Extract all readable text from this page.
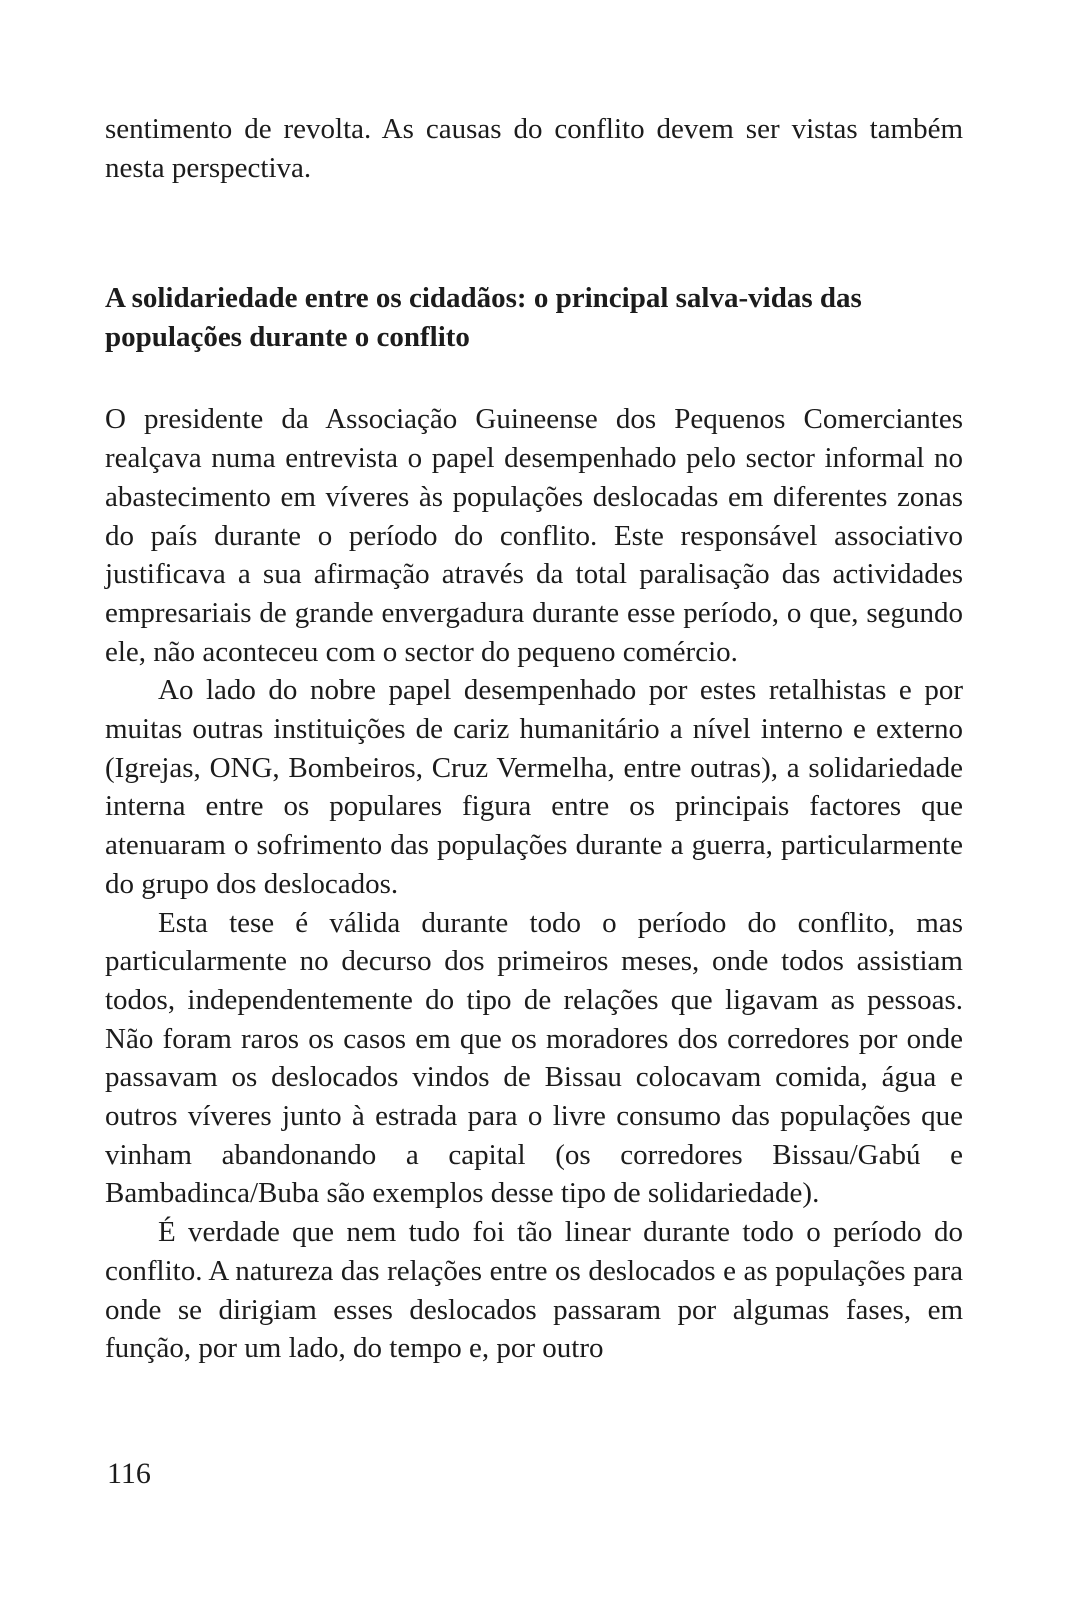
sentimento de revolta. As causas do conflito devem ser vistas também nesta perspectiva.

A solidariedade entre os cidadãos: o principal salva-vidas das populações durante o conflito

O presidente da Associação Guineense dos Pequenos Comerciantes realçava numa entrevista o papel desempenhado pelo sector informal no abastecimento em víveres às populações deslocadas em diferentes zonas do país durante o período do conflito. Este responsável associativo justificava a sua afirmação através da total paralisação das actividades empresariais de grande envergadura durante esse período, o que, segundo ele, não aconteceu com o sector do pequeno comércio.

Ao lado do nobre papel desempenhado por estes retalhistas e por muitas outras instituições de cariz humanitário a nível interno e externo (Igrejas, ONG, Bombeiros, Cruz Vermelha, entre outras), a solidariedade interna entre os populares figura entre os principais factores que atenuaram o sofrimento das populações durante a guerra, particularmente do grupo dos deslocados.

Esta tese é válida durante todo o período do conflito, mas particularmente no decurso dos primeiros meses, onde todos assistiam todos, independentemente do tipo de relações que ligavam as pessoas. Não foram raros os casos em que os moradores dos corredores por onde passavam os deslocados vindos de Bissau colocavam comida, água e outros víveres junto à estrada para o livre consumo das populações que vinham abandonando a capital (os corredores Bissau/Gabú e Bambadinca/Buba são exemplos desse tipo de solidariedade).

É verdade que nem tudo foi tão linear durante todo o período do conflito. A natureza das relações entre os deslocados e as populações para onde se dirigiam esses deslocados passaram por algumas fases, em função, por um lado, do tempo e, por outro

116
